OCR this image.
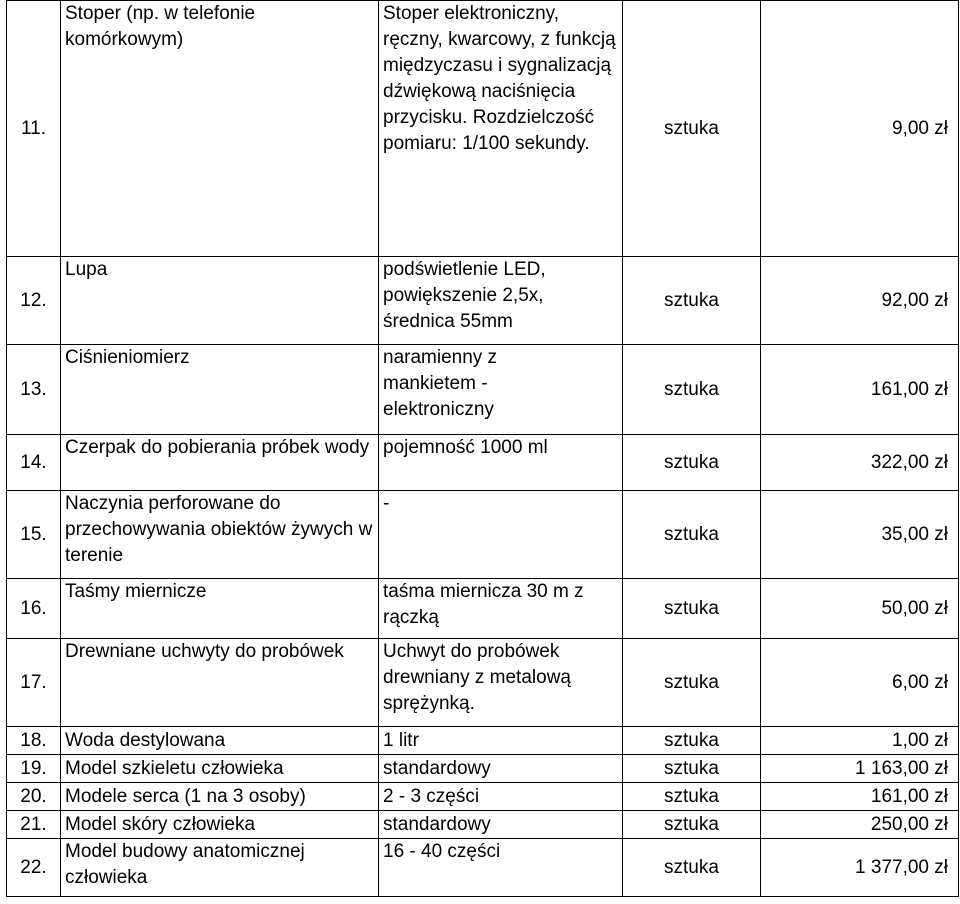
11.	Stoper (np. w telefonie komórkowym)	Stoper elektroniczny, ręczny, kwarcowy, z funkcją międzyczasu i sygnalizacją dźwiękową naciśnięcia przycisku. Rozdzielczość pomiaru: 1/100 sekundy.	sztuka	9,00 zł
12.	Lupa	podświetlenie LED, powiększenie 2,5x, średnica 55mm	sztuka	92,00 zł
13.	Ciśnieniomierz	naramienny z mankietem - elektroniczny	sztuka	161,00 zł
14.	Czerpak do pobierania próbek wody	pojemność 1000 ml	sztuka	322,00 zł
15.	Naczynia perforowane do przechowywania obiektów żywych w terenie	-	sztuka	35,00 zł
16.	Taśmy miernicze	taśma miernicza 30 m z rączką	sztuka	50,00 zł
17.	Drewniane uchwyty do probówek	Uchwyt do probówek drewniany z metalową sprężynką.	sztuka	6,00 zł
18.	Woda destylowana	1 litr	sztuka	1,00 zł
19.	Model szkieletu człowieka	standardowy	sztuka	1 163,00 zł
20.	Modele serca (1 na 3 osoby)	2 - 3 części	sztuka	161,00 zł
21.	Model skóry człowieka	standardowy	sztuka	250,00 zł
22.	Model budowy anatomicznej człowieka	16 - 40 części	sztuka	1 377,00 zł
